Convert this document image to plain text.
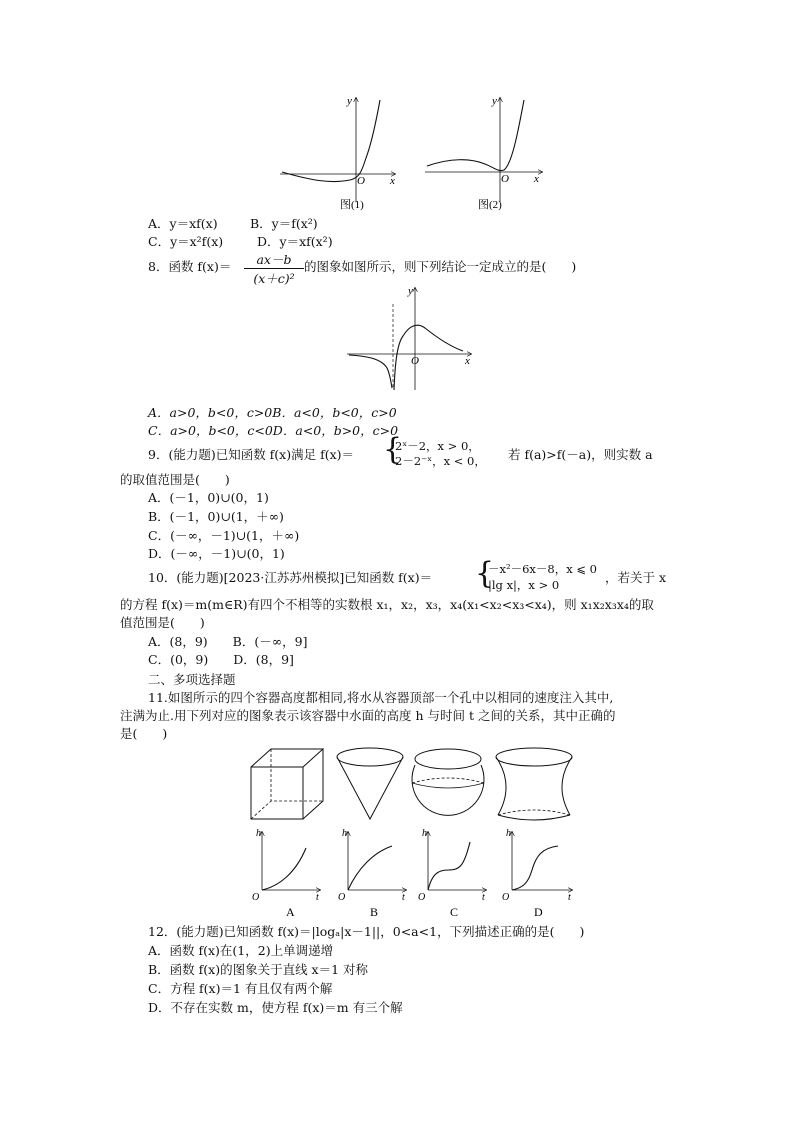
y
x
O
图(1)
y
x
O
图(2)
A．y＝xf(x)	B．y＝f(x²)
C．y＝x²f(x)	D．y＝xf(x²)
8．函数 $f(x)= \frac{ax-b}{\text{(x＋c)²}}$ 的图象如图所示，则下列结论一定成立的是(　　)
y
x
O
A．a>0，b<0，c>0B．a<0，b<0，c>0
C．a>0，b<0，c<0D．a<0，b>0，c>0
9．(能力题)已知函数 f(x)满足 f(x)＝ {
2ˣ－2，x > 0，
2－2⁻ˣ，x < 0， 若 f(a)>f(－a)，则实数 a
的取值范围是(　　)
A．(－1，0)∪(0，1)
B．(－1，0)∪(1，＋∞)
C．(－∞，－1)∪(1，＋∞)
D．(－∞，－1)∪(0，1)
10．(能力题)[2023·江苏苏州模拟]已知函数 f(x)＝ {
－x²－6x－8，x ⩽ 0
|lg x|，x > 0	，若关于 x
的方程 f(x)＝m(m∈R)有四个不相等的实数根 x₁，x₂，x₃，x₄(x₁<x₂<x₃<x₄)，则 x₁x₂x₃x₄的取
值范围是(　　)
A．(8，9)　　B．(－∞，9]
C．(0，9)　　D．(8，9]
二、多项选择题
11.如图所示的四个容器高度都相同,将水从容器顶部一个孔中以相同的速度注入其中,
注满为止.用下列对应的图象表示该容器中水面的高度 h 与时间 t 之间的关系，其中正确的
是(　　)
h
t
O
A
h
t
O
B
h
t
O
C
h
t
O
D
12．(能力题)已知函数 f(x)＝|logₐ|x－1||，0<a<1，下列描述正确的是(　　)
A．函数 f(x)在(1，2)上单调递增
B．函数 f(x)的图象关于直线 x＝1 对称
C．方程 f(x)＝1 有且仅有两个解
D．不存在实数 m，使方程 f(x)＝m 有三个解
